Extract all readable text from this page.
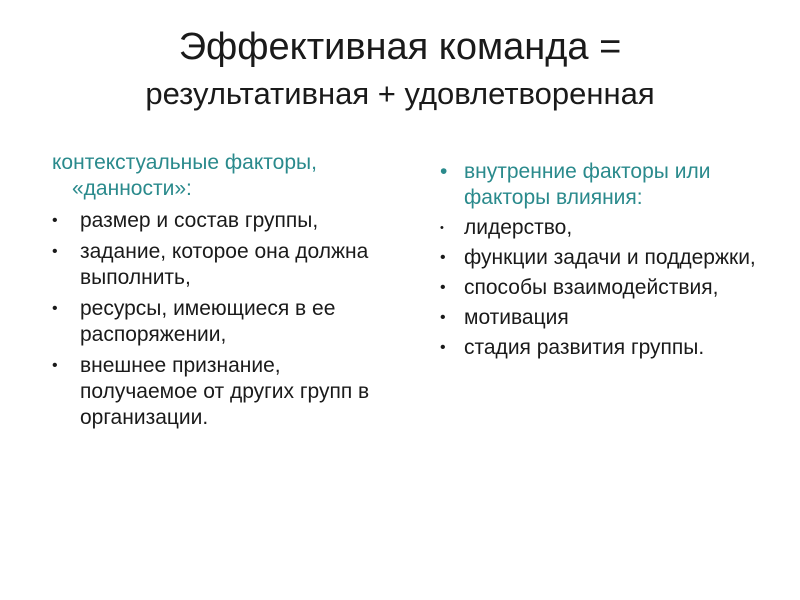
Эффективная команда =
результативная + удовлетворенная
контекстуальные факторы,
«данности»:
• размер и состав группы,
• задание, которое она должна выполнить,
• ресурсы, имеющиеся в ее распоряжении,
• внешнее признание, получаемое от других групп в организации.
• внутренние факторы или факторы влияния:
• лидерство,
• функции задачи и поддержки,
• способы взаимодействия,
• мотивация
• стадия развития группы.
